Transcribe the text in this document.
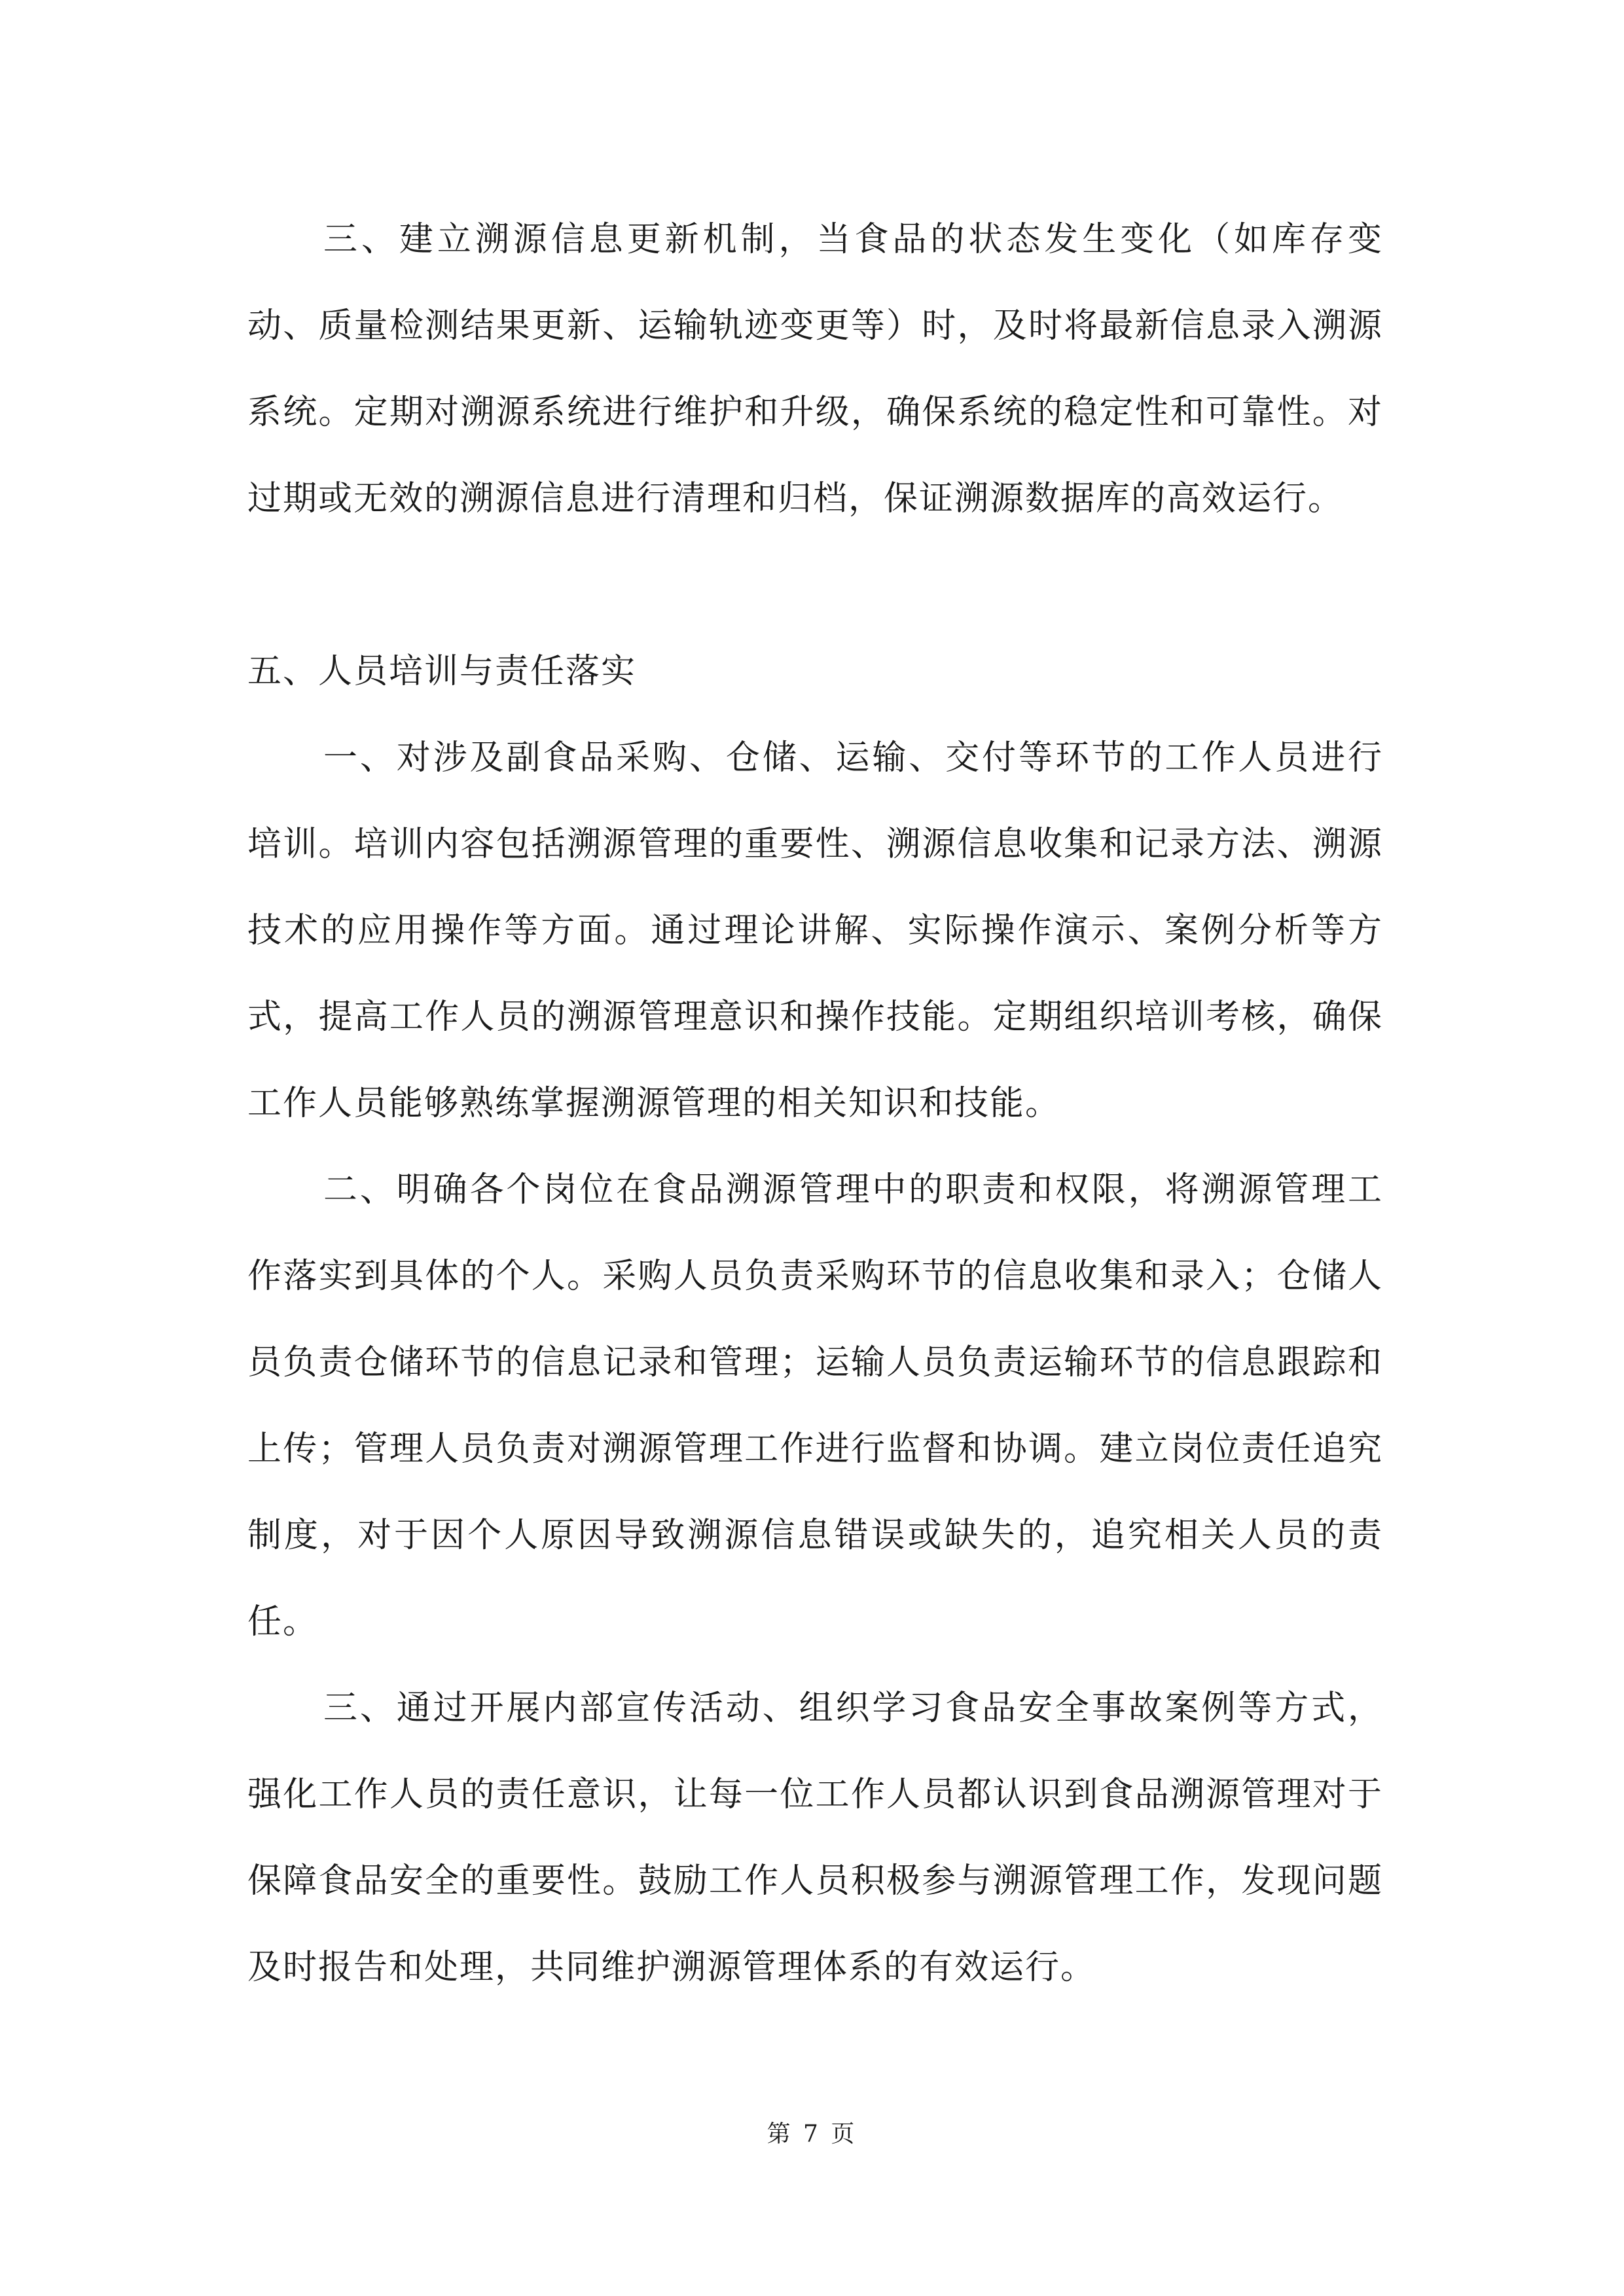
三、建立溯源信息更新机制，当食品的状态发生变化（如库存变动、质量检测结果更新、运输轨迹变更等）时，及时将最新信息录入溯源系统。定期对溯源系统进行维护和升级，确保系统的稳定性和可靠性。对过期或无效的溯源信息进行清理和归档，保证溯源数据库的高效运行。

五、人员培训与责任落实

一、对涉及副食品采购、仓储、运输、交付等环节的工作人员进行培训。培训内容包括溯源管理的重要性、溯源信息收集和记录方法、溯源技术的应用操作等方面。通过理论讲解、实际操作演示、案例分析等方式，提高工作人员的溯源管理意识和操作技能。定期组织培训考核，确保工作人员能够熟练掌握溯源管理的相关知识和技能。

二、明确各个岗位在食品溯源管理中的职责和权限，将溯源管理工作落实到具体的个人。采购人员负责采购环节的信息收集和录入；仓储人员负责仓储环节的信息记录和管理；运输人员负责运输环节的信息跟踪和上传；管理人员负责对溯源管理工作进行监督和协调。建立岗位责任追究制度，对于因个人原因导致溯源信息错误或缺失的，追究相关人员的责任。

三、通过开展内部宣传活动、组织学习食品安全事故案例等方式，强化工作人员的责任意识，让每一位工作人员都认识到食品溯源管理对于保障食品安全的重要性。鼓励工作人员积极参与溯源管理工作，发现问题及时报告和处理，共同维护溯源管理体系的有效运行。

第 7 页
